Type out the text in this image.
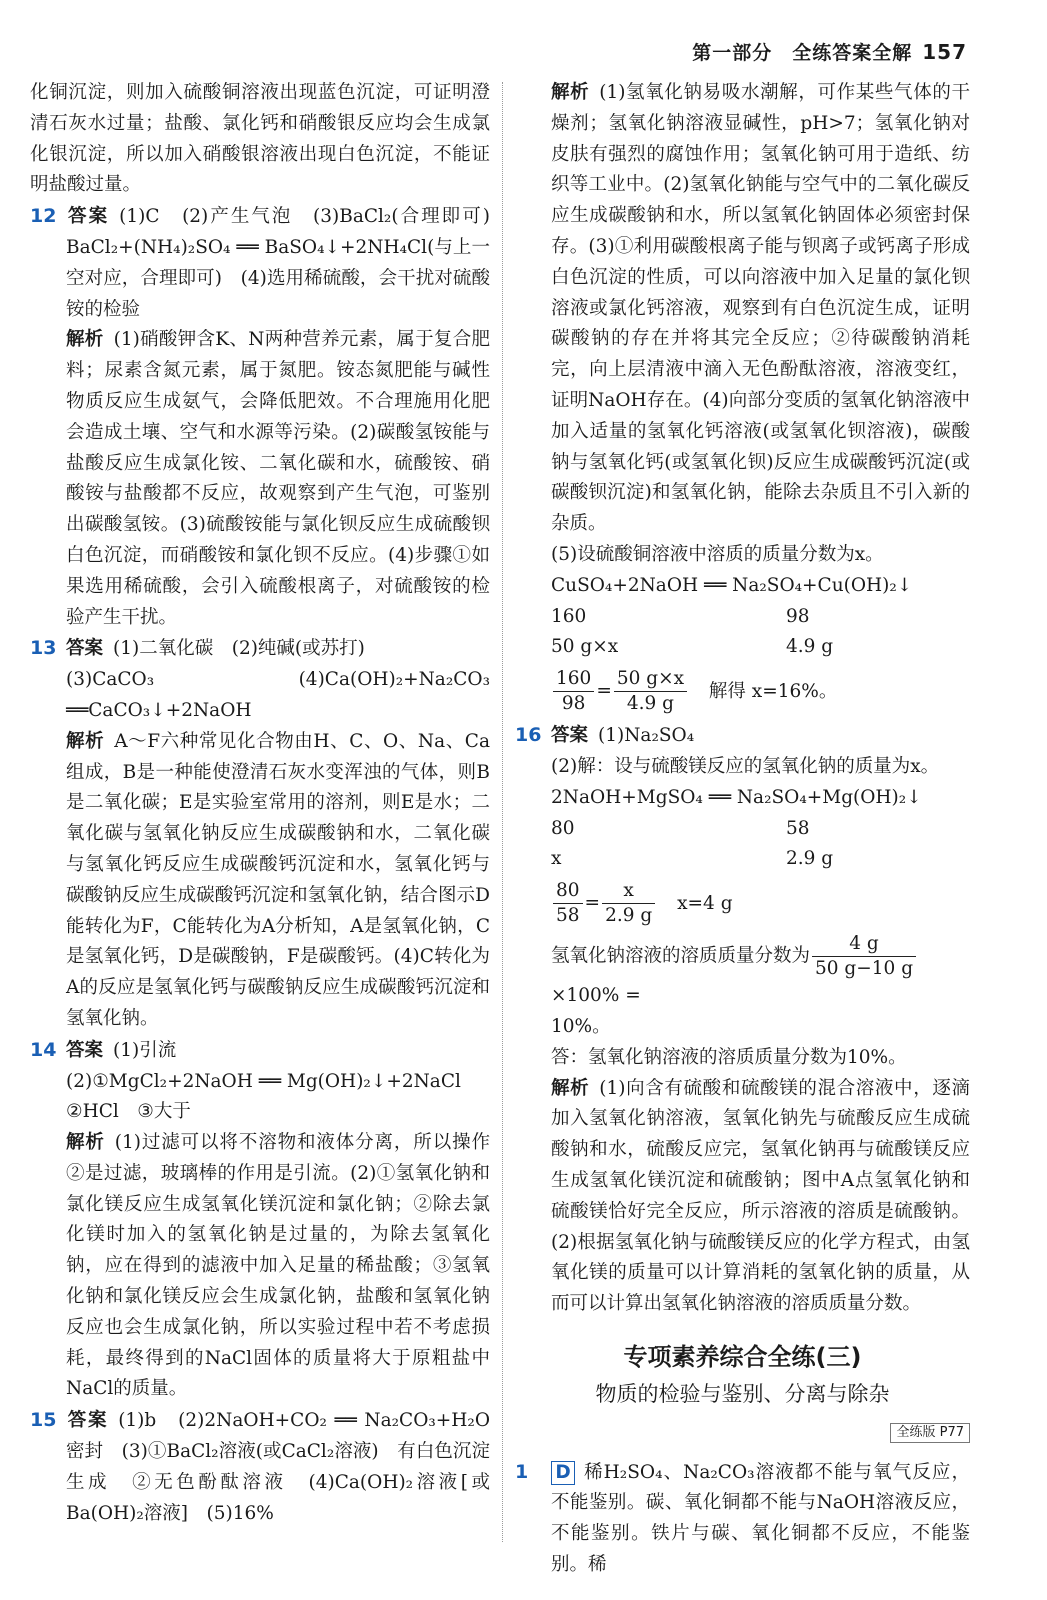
第一部分　全练答案全解 157

化铜沉淀，则加入硫酸铜溶液出现蓝色沉淀，可证明澄清石灰水过量；盐酸、氯化钙和硝酸银反应均会生成氯化银沉淀，所以加入硝酸银溶液出现白色沉淀，不能证明盐酸过量。

12 答案 (1)C　(2)产生气泡　(3)BaCl₂(合理即可)　BaCl₂+(NH₄)₂SO₄ ══ BaSO₄↓+2NH₄Cl(与上一空对应，合理即可)　(4)选用稀硫酸，会干扰对硫酸铵的检验

解析 (1)硝酸钾含K、N两种营养元素，属于复合肥料；尿素含氮元素，属于氮肥。铵态氮肥能与碱性物质反应生成氨气，会降低肥效。不合理施用化肥会造成土壤、空气和水源等污染。(2)碳酸氢铵能与盐酸反应生成氯化铵、二氧化碳和水，硫酸铵、硝酸铵与盐酸都不反应，故观察到产生气泡，可鉴别出碳酸氢铵。(3)硫酸铵能与氯化钡反应生成硫酸钡白色沉淀，而硝酸铵和氯化钡不反应。(4)步骤①如果选用稀硫酸，会引入硫酸根离子，对硫酸铵的检验产生干扰。

13 答案 (1)二氧化碳　(2)纯碱(或苏打)

(3)CaCO₃　(4)Ca(OH)₂+Na₂CO₃ ══CaCO₃↓+2NaOH

解析 A～F六种常见化合物由H、C、O、Na、Ca组成，B是一种能使澄清石灰水变浑浊的气体，则B是二氧化碳；E是实验室常用的溶剂，则E是水；二氧化碳与氢氧化钠反应生成碳酸钠和水，二氧化碳与氢氧化钙反应生成碳酸钙沉淀和水，氢氧化钙与碳酸钠反应生成碳酸钙沉淀和氢氧化钠，结合图示D能转化为F，C能转化为A分析知，A是氢氧化钠，C是氢氧化钙，D是碳酸钠，F是碳酸钙。(4)C转化为A的反应是氢氧化钙与碳酸钠反应生成碳酸钙沉淀和氢氧化钠。

14 答案 (1)引流

(2)①MgCl₂+2NaOH ══ Mg(OH)₂↓+2NaCl

②HCl　③大于

解析 (1)过滤可以将不溶物和液体分离，所以操作②是过滤，玻璃棒的作用是引流。(2)①氢氧化钠和氯化镁反应生成氢氧化镁沉淀和氯化钠；②除去氯化镁时加入的氢氧化钠是过量的，为除去氢氧化钠，应在得到的滤液中加入足量的稀盐酸；③氢氧化钠和氯化镁反应会生成氯化钠，盐酸和氢氧化钠反应也会生成氯化钠，所以实验过程中若不考虑损耗，最终得到的NaCl固体的质量将大于原粗盐中NaCl的质量。

15 答案 (1)b　(2)2NaOH+CO₂ ══ Na₂CO₃+H₂O　密封　(3)①BaCl₂溶液(或CaCl₂溶液)　有白色沉淀生成　②无色酚酞溶液　(4)Ca(OH)₂溶液[或Ba(OH)₂溶液]　(5)16%

解析 (1)氢氧化钠易吸水潮解，可作某些气体的干燥剂；氢氧化钠溶液显碱性，pH>7；氢氧化钠对皮肤有强烈的腐蚀作用；氢氧化钠可用于造纸、纺织等工业中。(2)氢氧化钠能与空气中的二氧化碳反应生成碳酸钠和水，所以氢氧化钠固体必须密封保存。(3)①利用碳酸根离子能与钡离子或钙离子形成白色沉淀的性质，可以向溶液中加入足量的氯化钡溶液或氯化钙溶液，观察到有白色沉淀生成，证明碳酸钠的存在并将其完全反应；②待碳酸钠消耗完，向上层清液中滴入无色酚酞溶液，溶液变红，证明NaOH存在。(4)向部分变质的氢氧化钠溶液中加入适量的氢氧化钙溶液(或氢氧化钡溶液)，碳酸钠与氢氧化钙(或氢氧化钡)反应生成碳酸钙沉淀(或碳酸钡沉淀)和氢氧化钠，能除去杂质且不引入新的杂质。

(5)设硫酸铜溶液中溶质的质量分数为x。

CuSO₄+2NaOH ══ Na₂SO₄+Cu(OH)₂↓

160	98
50 g×x	4.9 g
$\frac{160}{98} = \frac{50 g\times x}{4.9 g}$ 解得 x=16%。

16 答案 (1)Na₂SO₄

(2)解：设与硫酸镁反应的氢氧化钠的质量为x。

2NaOH+MgSO₄ ══ Na₂SO₄+Mg(OH)₂↓

80	58
x	2.9 g
$\frac{80}{58} = \frac{x}{2.9 g} x=4$ g
氢氧化钠溶液的溶质质量分数为 $\frac{4 g}{50 g-10 g}$
×100% =

10%。

答：氢氧化钠溶液的溶质质量分数为10%。

解析 (1)向含有硫酸和硫酸镁的混合溶液中，逐滴加入氢氧化钠溶液，氢氧化钠先与硫酸反应生成硫酸钠和水，硫酸反应完，氢氧化钠再与硫酸镁反应生成氢氧化镁沉淀和硫酸钠；图中A点氢氧化钠和硫酸镁恰好完全反应，所示溶液的溶质是硫酸钠。(2)根据氢氧化钠与硫酸镁反应的化学方程式，由氢氧化镁的质量可以计算消耗的氢氧化钠的质量，从而可以计算出氢氧化钠溶液的溶质质量分数。

专项素养综合全练(三)
物质的检验与鉴别、分离与除杂
全练版 P77

1 D 稀H₂SO₄、Na₂CO₃溶液都不能与氧气反应，不能鉴别。碳、氧化铜都不能与NaOH溶液反应，不能鉴别。铁片与碳、氧化铜都不反应，不能鉴别。稀
